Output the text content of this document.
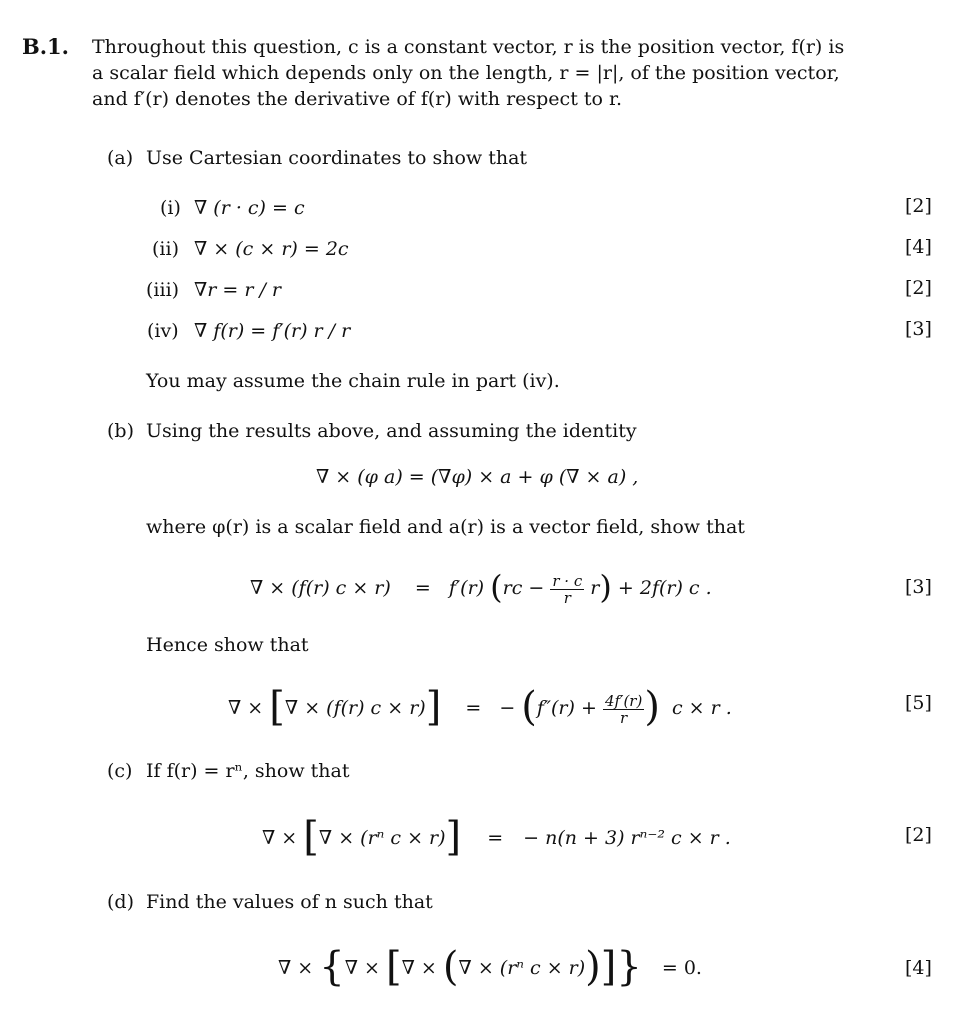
B.1. Throughout this question, c is a constant vector, r is the position vector, f(r) is
a scalar field which depends only on the length, r = |r|, of the position vector,
and f′(r) denotes the derivative of f(r) with respect to r.
(a) Use Cartesian coordinates to show that
(i) ∇ (r · c) = c	[2]
(ii) ∇ × (c × r) = 2c	[4]
(iii) ∇r = r / r	[2]
(iv) ∇ f(r) = f′(r) r / r	[3]
You may assume the chain rule in part (iv).
(b) Using the results above, and assuming the identity
∇ × (φ a) = (∇φ) × a + φ (∇ × a) ,
where φ(r) is a scalar field and a(r) is a vector field, show that
∇ × (f(r) c × r) = f′(r) $(rc - \frac{r \cdot c}{r} r) + 2f(r)$ c .	[3]
Hence show that
∇ × [∇ × (f(r) c × r)] = − ($f''(r) + \frac{4f'(r)}{r}$ ) c × r .	[5]
(c) If f(r) = rⁿ, show that
∇ × [∇ × (rⁿ c × r)] = − n(n + 3) rⁿ⁻² c × r .	[2]
(d) Find the values of n such that
∇ × {∇ × [∇ × (∇ × (rⁿ c × r))]} = 0.	[4]
